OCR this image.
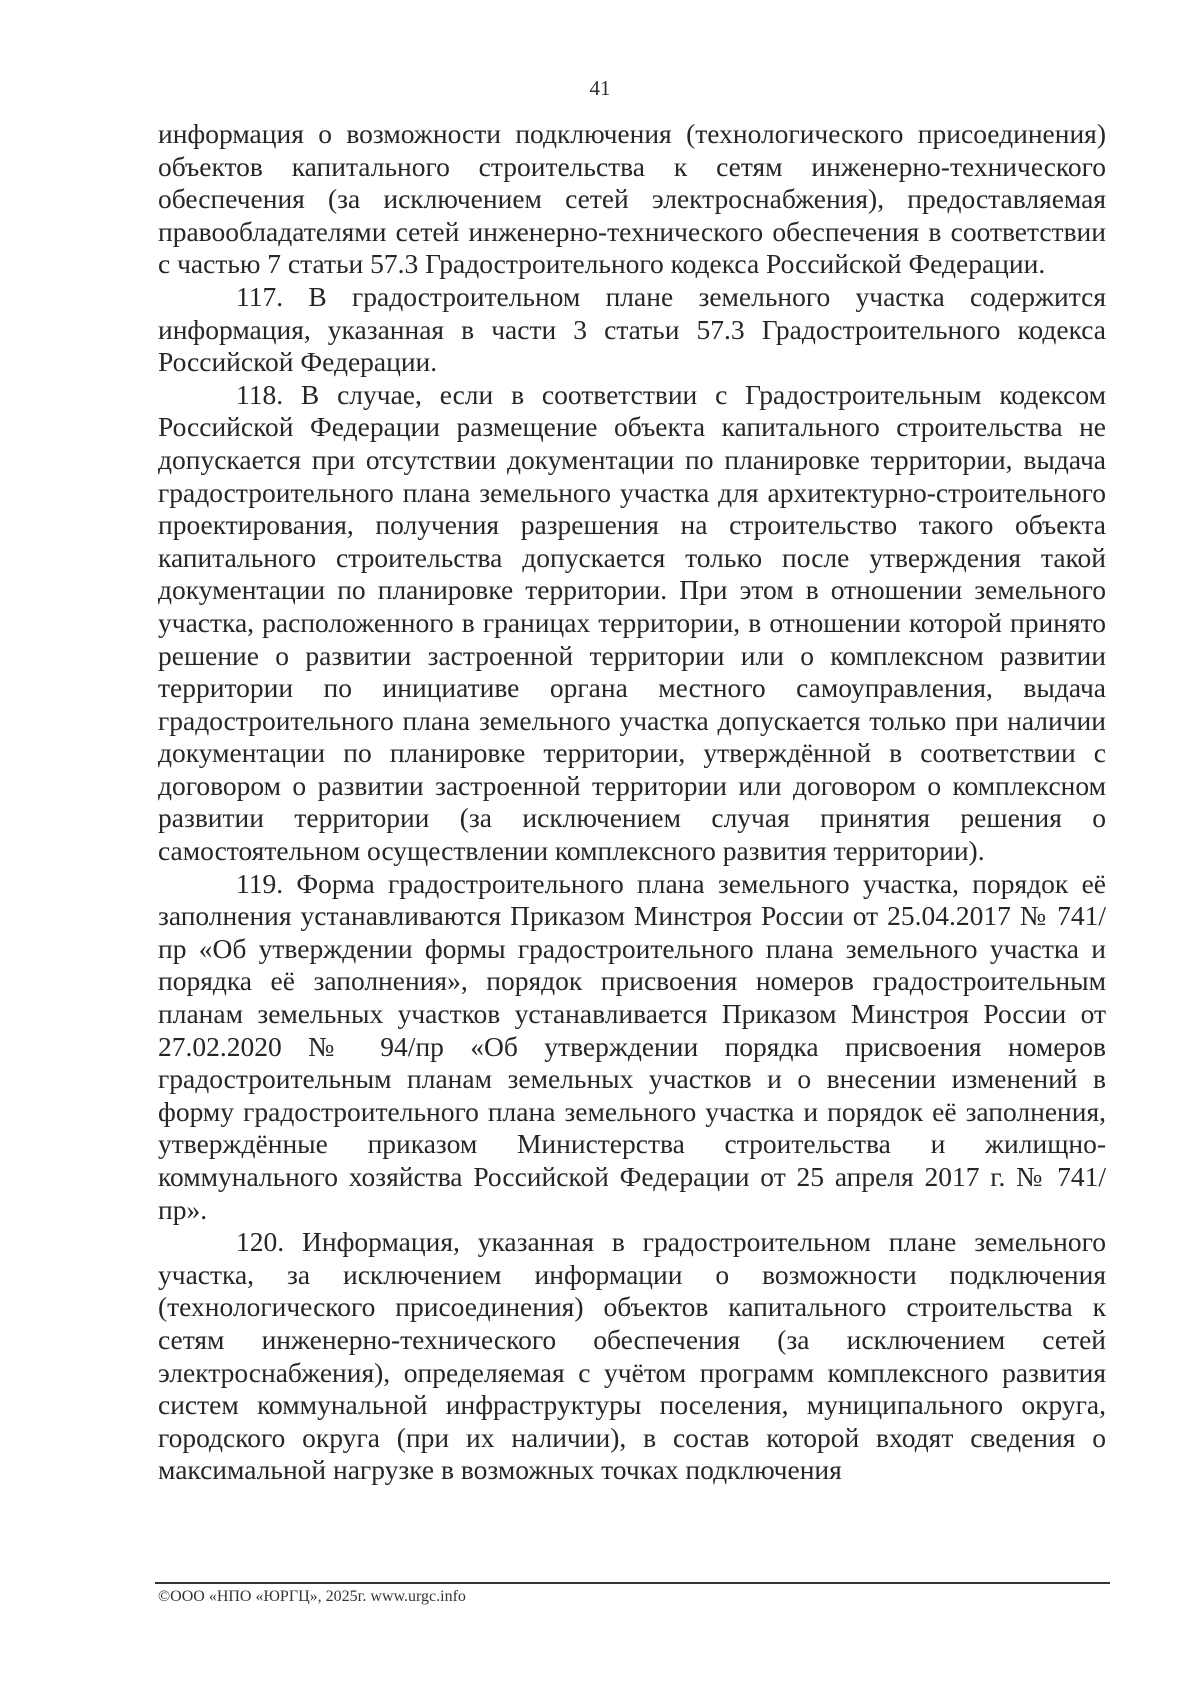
41

информация о возможности подключения (технологического присоединения) объектов капитального строительства к сетям инженерно-технического обеспечения (за исключением сетей электроснабжения), предоставляемая правообладателями сетей инженерно-технического обеспечения в соответствии с частью 7 статьи 57.3 Градостроительного кодекса Российской Федерации.

117. В градостроительном плане земельного участка содержится информация, указанная в части 3 статьи 57.3 Градостроительного кодекса Российской Федерации.

118. В случае, если в соответствии с Градостроительным кодексом Российской Федерации размещение объекта капитального строительства не допускается при отсутствии документации по планировке территории, выдача градостроительного плана земельного участка для архитектурно-строительного проектирования, получения разрешения на строительство такого объекта капитального строительства допускается только после утверждения такой документации по планировке территории. При этом в отношении земельного участка, расположенного в границах территории, в отношении которой принято решение о развитии застроенной территории или о комплексном развитии территории по инициативе органа местного самоуправления, выдача градостроительного плана земельного участка допускается только при наличии документации по планировке территории, утверждённой в соответствии с договором о развитии застроенной территории или договором о комплексном развитии территории (за исключением случая принятия решения о самостоятельном осуществлении комплексного развития территории).

119. Форма градостроительного плана земельного участка, порядок её заполнения устанавливаются Приказом Минстроя России от 25.04.2017 № 741/пр «Об утверждении формы градостроительного плана земельного участка и порядка её заполнения», порядок присвоения номеров градостроительным планам земельных участков устанавливается Приказом Минстроя России от 27.02.2020 № 94/пр «Об утверждении порядка присвоения номеров градостроительным планам земельных участков и о внесении изменений в форму градостроительного плана земельного участка и порядок её заполнения, утверждённые приказом Министерства строительства и жилищно-коммунального хозяйства Российской Федерации от 25 апреля 2017 г. № 741/пр».

120. Информация, указанная в градостроительном плане земельного участка, за исключением информации о возможности подключения (технологического присоединения) объектов капитального строительства к сетям инженерно-технического обеспечения (за исключением сетей электроснабжения), определяемая с учётом программ комплексного развития систем коммунальной инфраструктуры поселения, муниципального округа, городского округа (при их наличии), в состав которой входят сведения о максимальной нагрузке в возможных точках подключения

©ООО «НПО «ЮРГЦ», 2025г. www.urgc.info
